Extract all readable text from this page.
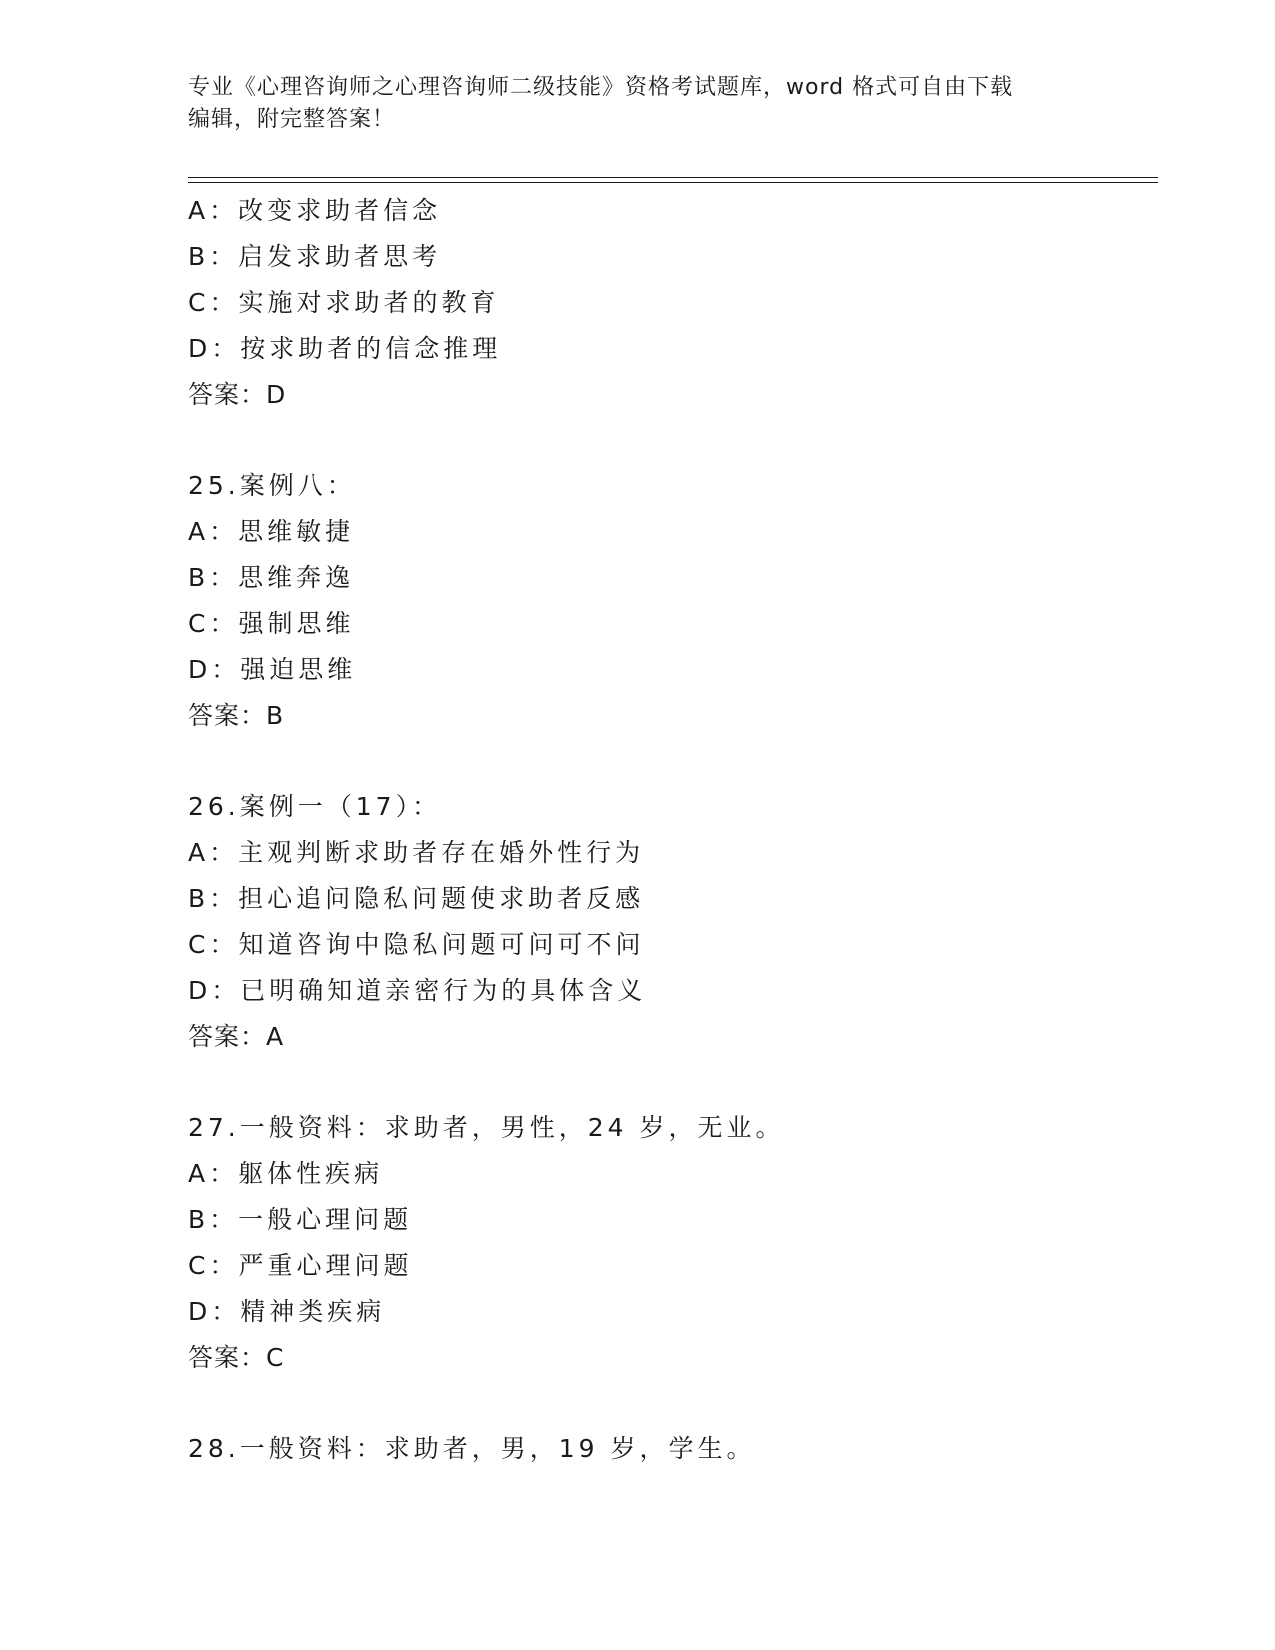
专业《心理咨询师之心理咨询师二级技能》资格考试题库，word 格式可自由下载
编辑，附完整答案！
A：改变求助者信念
B：启发求助者思考
C：实施对求助者的教育
D：按求助者的信念推理
答案：D
25.案例八：
A：思维敏捷
B：思维奔逸
C：强制思维
D：强迫思维
答案：B
26.案例一（17）：
A：主观判断求助者存在婚外性行为
B：担心追问隐私问题使求助者反感
C：知道咨询中隐私问题可问可不问
D：已明确知道亲密行为的具体含义
答案：A
27.一般资料：求助者，男性，24 岁，无业。
A：躯体性疾病
B：一般心理问题
C：严重心理问题
D：精神类疾病
答案：C
28.一般资料：求助者，男，19 岁，学生。
